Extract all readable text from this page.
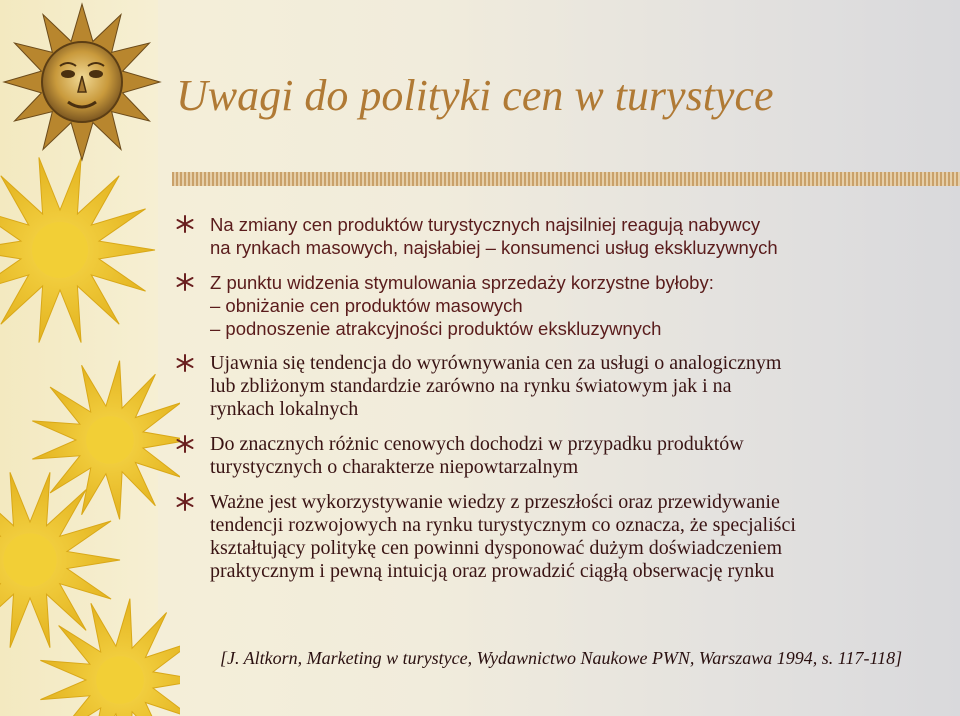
Uwagi do polityki cen w turystyce
Na zmiany cen produktów turystycznych najsilniej reagują nabywcy
na rynkach masowych, najsłabiej – konsumenci usług ekskluzywnych
Z punktu widzenia stymulowania sprzedaży korzystne byłoby:
– obniżanie cen produktów masowych
– podnoszenie atrakcyjności produktów ekskluzywnych
Ujawnia się tendencja do wyrównywania cen za usługi o analogicznym
lub zbliżonym standardzie zarówno na rynku światowym jak i na
rynkach lokalnych
Do znacznych różnic cenowych dochodzi w przypadku produktów
turystycznych o charakterze niepowtarzalnym
Ważne jest wykorzystywanie wiedzy z przeszłości oraz przewidywanie
tendencji rozwojowych na rynku turystycznym co oznacza, że specjaliści
kształtujący politykę cen powinni dysponować dużym doświadczeniem
praktycznym i pewną intuicją oraz prowadzić ciągłą obserwację rynku
[J. Altkorn, Marketing w turystyce, Wydawnictwo Naukowe PWN, Warszawa 1994, s. 117-118]
